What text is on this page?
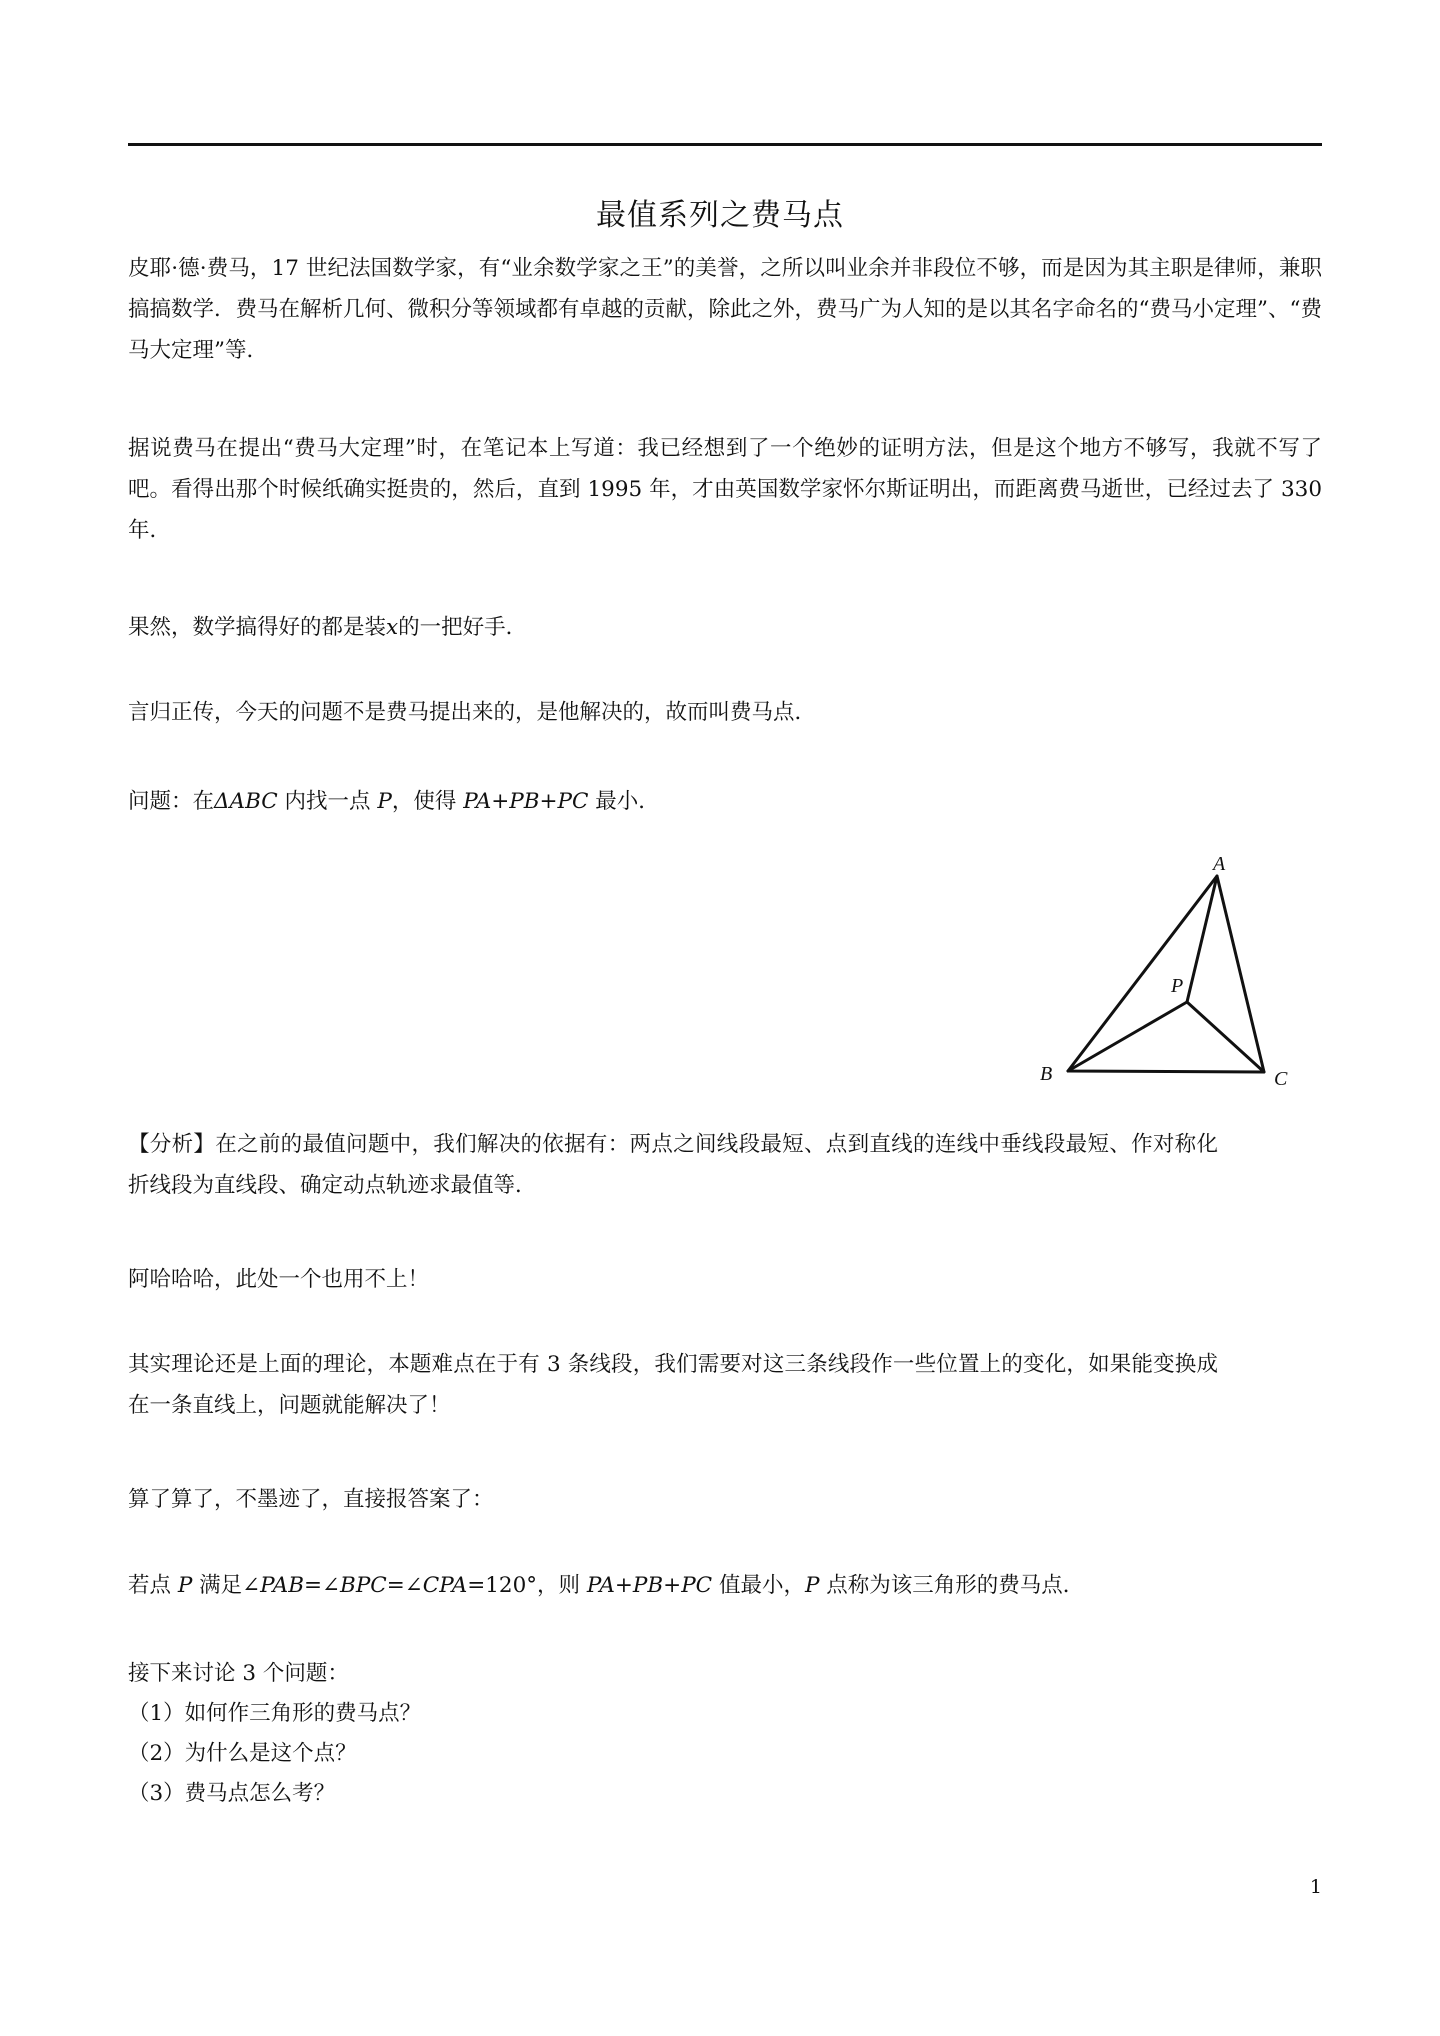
最值系列之费马点
皮耶·德·费马，17 世纪法国数学家，有“业余数学家之王”的美誉，之所以叫业余并非段位不够，而是因为其主职是律师，兼职搞搞数学．费马在解析几何、微积分等领域都有卓越的贡献，除此之外，费马广为人知的是以其名字命名的“费马小定理”、“费马大定理”等．
据说费马在提出“费马大定理”时，在笔记本上写道：我已经想到了一个绝妙的证明方法，但是这个地方不够写，我就不写了吧。看得出那个时候纸确实挺贵的，然后，直到 1995 年，才由英国数学家怀尔斯证明出，而距离费马逝世，已经过去了 330 年．
果然，数学搞得好的都是装x的一把好手．
言归正传，今天的问题不是费马提出来的，是他解决的，故而叫费马点．
问题：在ΔABC 内找一点 P，使得 PA+PB+PC 最小．
A
B	C
P
【分析】在之前的最值问题中，我们解决的依据有：两点之间线段最短、点到直线的连线中垂线段最短、作对称化折线段为直线段、确定动点轨迹求最值等．
阿哈哈哈，此处一个也用不上！
其实理论还是上面的理论，本题难点在于有 3 条线段，我们需要对这三条线段作一些位置上的变化，如果能变换成在一条直线上，问题就能解决了！
算了算了，不墨迹了，直接报答案了：
若点 P 满足∠PAB=∠BPC=∠CPA=120°，则 PA+PB+PC 值最小，P 点称为该三角形的费马点．
接下来讨论 3 个问题：
（1）如何作三角形的费马点？
（2）为什么是这个点？
（3）费马点怎么考？
1
